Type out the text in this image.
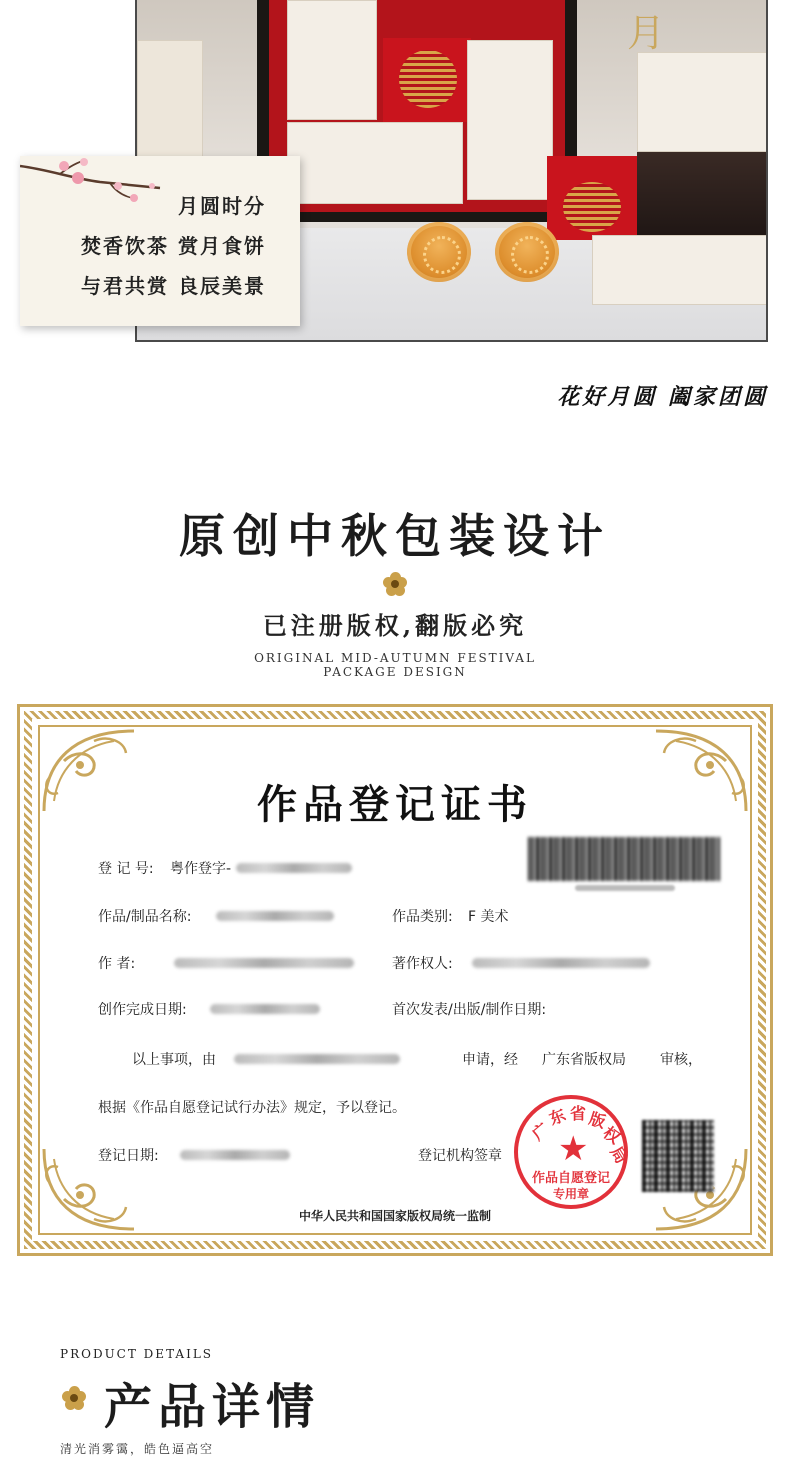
月
月圆时分
焚香饮茶 赏月食饼
与君共赏 良辰美景
花好月圆 阖家团圆
原创中秋包装设计
已注册版权,翻版必究
ORIGINAL MID-AUTUMN FESTIVAL
PACKAGE DESIGN
作品登记证书
登 记 号: 粤作登字-
作品/制品名称:	作品类别: F 美术
作 者:	著作权人:
创作完成日期:	首次发表/出版/制作日期:
以上事项，由	申请，经 广东省版权局 审核，
根据《作品自愿登记试行办法》规定，予以登记。
登记日期:	登记机构签章
广
东 省 版
权
局
★
作品自愿登记
专用章
中华人民共和国国家版权局统一监制
PRODUCT DETAILS
产品详情
清光消雾霭，皓色逼高空
